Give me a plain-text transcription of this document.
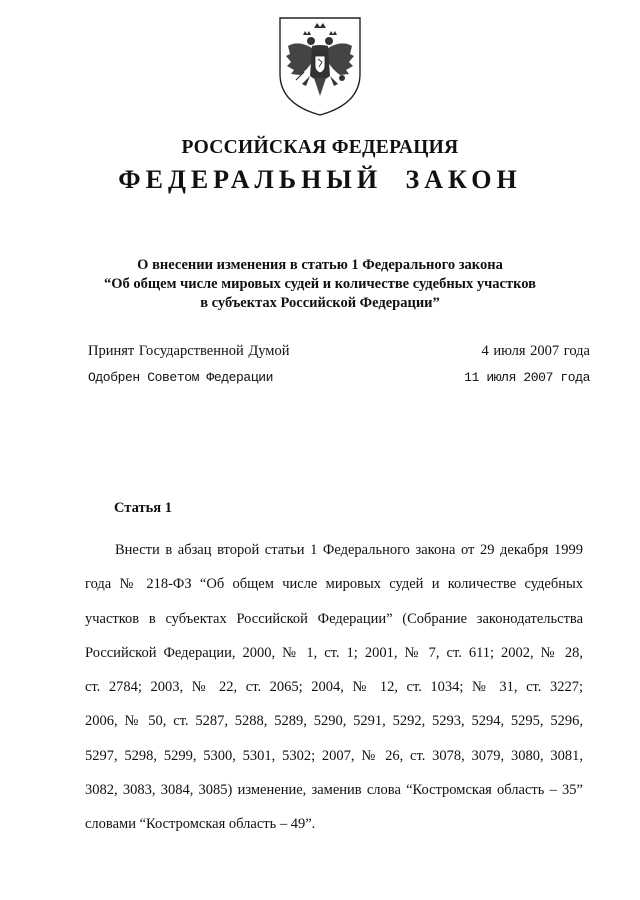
РОССИЙСКАЯ ФЕДЕРАЦИЯ
ФЕДЕРАЛЬНЫЙ ЗАКОН
О внесении изменения в статью 1 Федерального закона
“Об общем числе мировых судей и количестве судебных участков
в субъектах Российской Федерации”
Принят Государственной Думой	4 июля 2007 года
Одобрен Советом Федерации	11 июля 2007 года
Статья 1
Внести в абзац второй статьи 1 Федерального закона от 29 декабря 1999
года № 218-ФЗ “Об общем числе мировых судей и количестве судебных
участков в субъектах Российской Федерации” (Собрание законодательства
Российской Федерации, 2000, № 1, ст. 1; 2001, № 7, ст. 611; 2002, № 28,
ст. 2784; 2003, № 22, ст. 2065; 2004, № 12, ст. 1034; № 31, ст. 3227;
2006, № 50, ст. 5287, 5288, 5289, 5290, 5291, 5292, 5293, 5294, 5295, 5296,
5297, 5298, 5299, 5300, 5301, 5302; 2007, № 26, ст. 3078, 3079, 3080, 3081,
3082, 3083, 3084, 3085) изменение, заменив слова “Костромская область – 35”
словами “Костромская область – 49”.
